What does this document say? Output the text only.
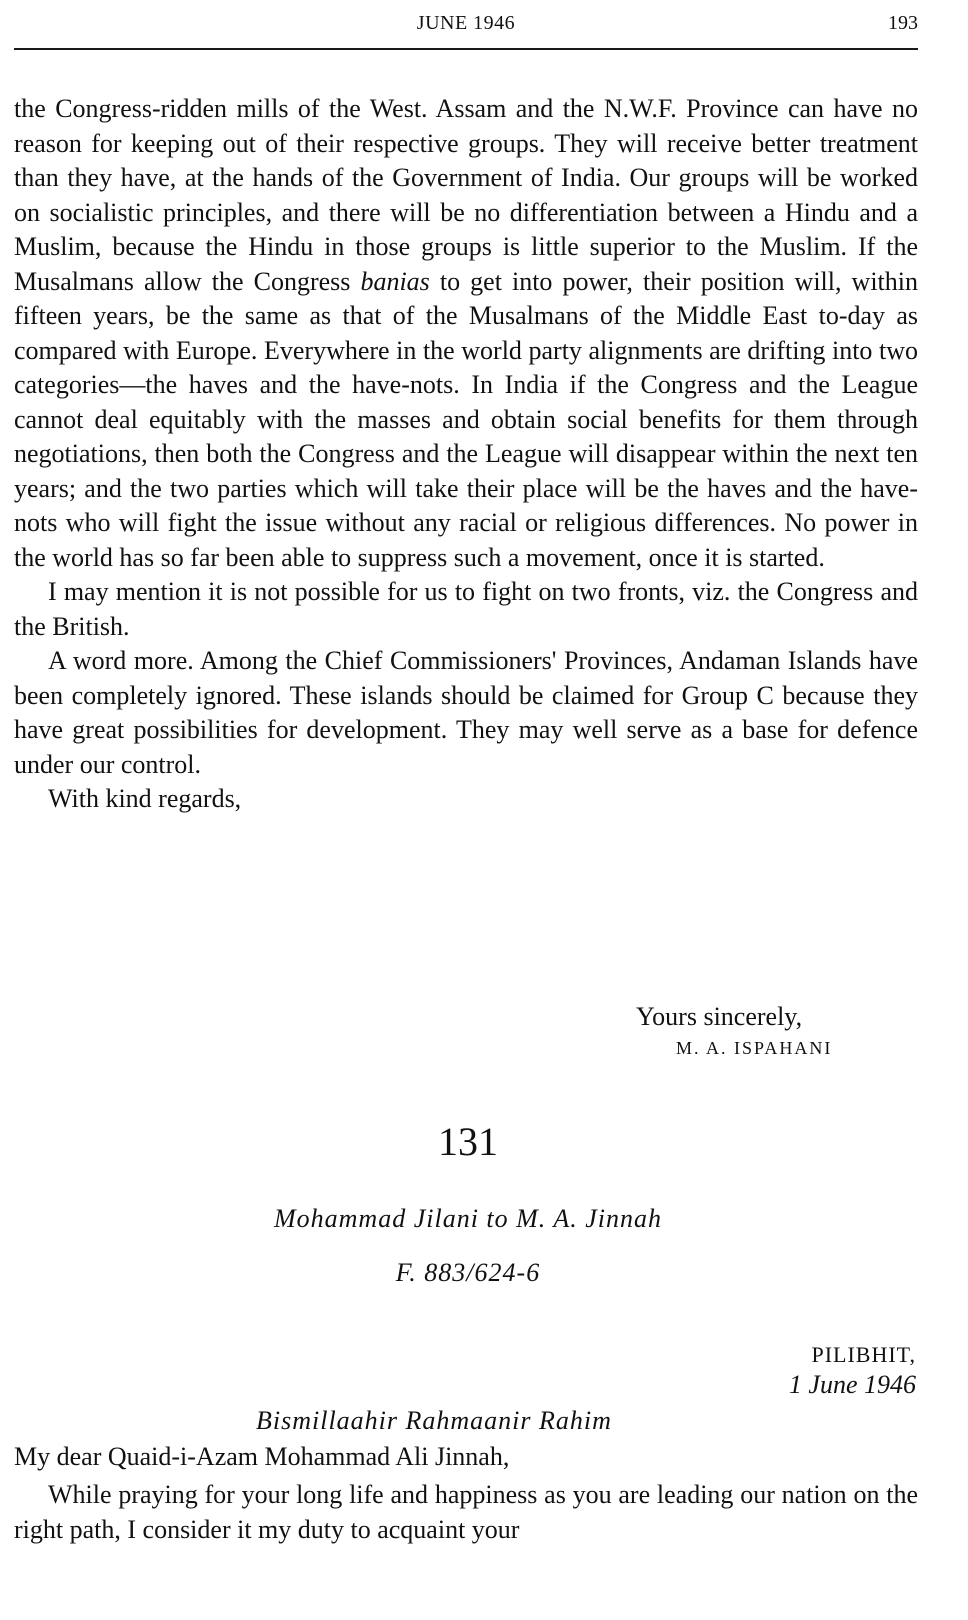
JUNE 1946	193

the Congress-ridden mills of the West. Assam and the N.W.F. Province can have no reason for keeping out of their respective groups. They will receive better treatment than they have, at the hands of the Government of India. Our groups will be worked on socialistic principles, and there will be no differentiation between a Hindu and a Muslim, because the Hindu in those groups is little superior to the Muslim. If the Musalmans allow the Congress banias to get into power, their position will, within fifteen years, be the same as that of the Musalmans of the Middle East to-day as compared with Europe. Everywhere in the world party alignments are drifting into two categories—the haves and the have-nots. In India if the Congress and the League cannot deal equitably with the masses and obtain social benefits for them through negotiations, then both the Congress and the League will disappear within the next ten years; and the two parties which will take their place will be the haves and the have-nots who will fight the issue without any racial or religious differences. No power in the world has so far been able to suppress such a movement, once it is started.

I may mention it is not possible for us to fight on two fronts, viz. the Congress and the British.

A word more. Among the Chief Commissioners' Provinces, Andaman Islands have been completely ignored. These islands should be claimed for Group C because they have great possibilities for development. They may well serve as a base for defence under our control.

With kind regards,

Yours sincerely,
M. A. ISPAHANI
131
Mohammad Jilani to M. A. Jinnah
F. 883/624-6
PILIBHIT,
1 June 1946
Bismillaahir Rahmaanir Rahim
My dear Quaid-i-Azam Mohammad Ali Jinnah,
While praying for your long life and happiness as you are leading our nation on the right path, I consider it my duty to acquaint your
